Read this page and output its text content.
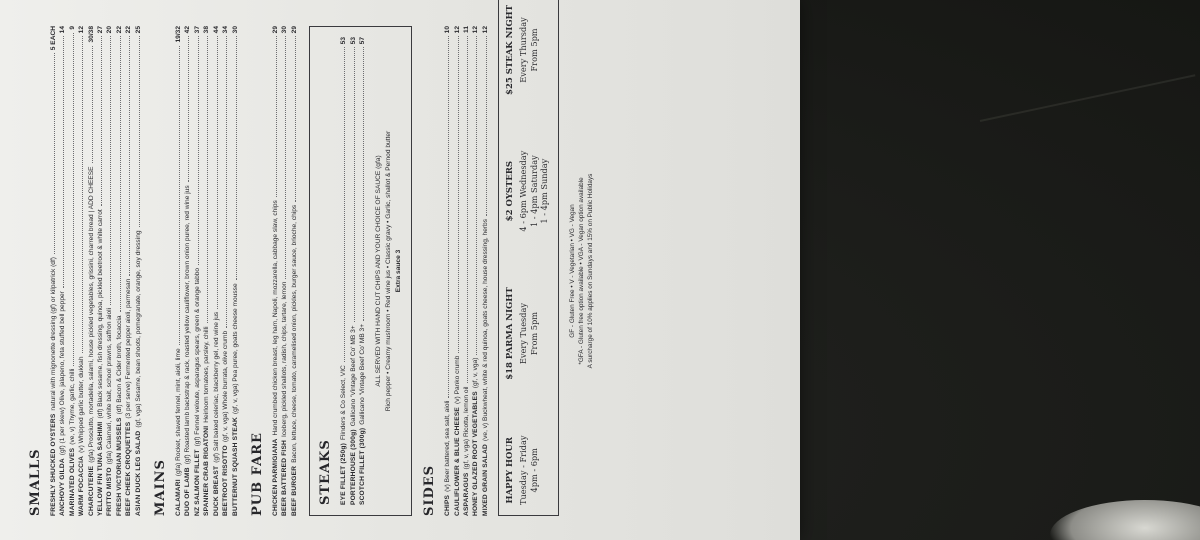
SMALLS FRESHLY SHUCKED OYSTERS
natural with mignonette dressing (gf) or kilpatrick (df)
5 EACH
ANCHOVY GILDA
(gf) (1 per skew) Olive, jalapeno, feta stuffed bell pepper
14
MARINATED OLIVES
(ve, v) Thyme, garlic, chilli
9
WARM FOCACCIA
(v) Whipped garlic butter, dukkah
12
CHARCUTERIE
(gfa) Prosciutto, mortadella, salami, house pickled vegetables, grissini, charred bread | ADD CHEESE
30/38
YELLOW FIN TUNA SASHIMI
(df) Black sesame, fish dressing, quinoa, pickled beetroot & white carrot
27
FRITTO MISTO
(gfa) Calamari, white bait, school prawns, saffron aioli
20
FRESH VICTORIAN MUSSELS
(df) Bacon & Cider broth, focaccia
22
BEEF CHEEK CROQUETTES
(3 per serve) Fermented pepper aioli, parmesan
22
ASIAN DUCK LEG SALAD
(gf, vga) Sesame, bean shoots, pomegranate, orange, soy dressing
25
MAINS CALAMARI
(gfa) Rocket, shaved fennel, mint, aioli, lime
19/32
DUO OF LAMB
(gf) Roasted lamb backstrap & rack, roasted yellow cauliflower, brown onion puree, red wine jus
42
NZ SALMON FILLET
(gf) Fennel veloute, asparagus spears, green & orange tabbo
37
SPANNER CRAB RIGATONI
Heirloom tomatoes, parsley, chilli
38
DUCK BREAST
(gf) Salt baked celeriac, blackberry gel, red wine jus
44
BEETROOT RISOTTO
(gf, v, vga) Whole burrata, olive crumb
34
BUTTERNUT SQUASH STEAK
(gf, v, vga) Pea puree, goats cheese mousse
30
PUB FARE CHICKEN PARMIGIANA
Hand crumbed chicken breast, leg ham, Napoli, mozzarella, cabbage slaw, chips
29
BEER BATTERED FISH
Iceberg, pickled shallots, radish, chips, tartare, lemon
30
BEEF BURGER
Bacon, lettuce, cheese, tomato, caramelised onion, pickles, burger sauce, brioche, chips
29
STEAKS EYE FILLET (250g)
Flinders & Co Select, VIC
53
PORTERHOUSE (300g)
Gallicano 'Vintage Beef Co' MB 3+
53
SCOTCH FILLET (300g)
Gallicano 'Vintage Beef Co' MB 3+
57
ALL SERVED WITH HAND CUT CHIPS AND YOUR CHOICE OF SAUCE (gfa) Rich pepper • Creamy mushroom • Red wine jus • Classic gravy • Garlic, shallot & Pernod butter Extra sauce 3
SIDES CHIPS
(v) Beer battered, sea salt, aioli
10
CAULIFLOWER & BLUE CHEESE
(v) Panko crumb
12
ASPARAGUS
(gf, v, vga) Ricotta, lemon oil
11
HONEY GLAZED ROOT VEGETABLES
(gf, v, vga)
12
MIXED GRAIN SALAD
(ve, v) Buckwheat, white & red quinoa, goats cheese, house dressing, herbs
12
HAPPY HOUR Tuesday - Friday 4pm - 6pm
$18 PARMA NIGHT Every Tuesday From 5pm
$2 OYSTERS 4 - 6pm Wednesday 1 - 4pm Saturday 1 - 4pm Sunday
$25 STEAK NIGHT Every Thursday From 5pm
GF - Gluten Free • V - Vegetarian • VG - Vegan *GFA - Gluten free option available • VGA - Vegan option available A surcharge of 10% applies on Sundays and 15% on Public Holidays
